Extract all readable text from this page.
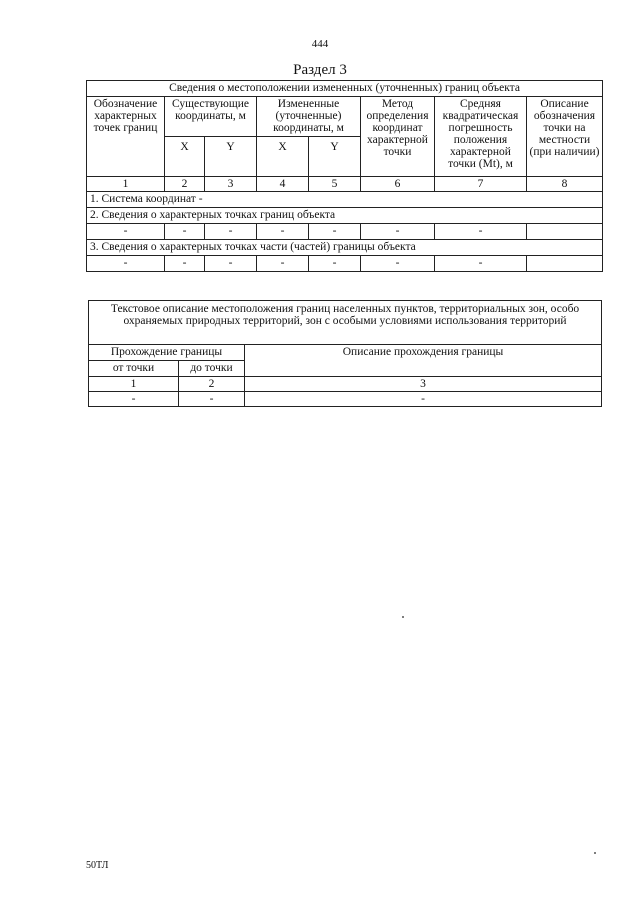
444
Раздел 3
Сведения о местоположении измененных (уточненных) границ объекта							
Обозначение характерных точек границ	Существующие координаты, м		Измененные (уточненные) координаты, м		Метод определения координат характерной точки	Средняя квадратическая погрешность положения характерной точки (Mt), м	Описание обозначения точки на местности (при наличии)
	X	Y	X	Y			
1	2	3	4	5	6	7	8
1. Система координат -							
2. Сведения о характерных точках границ объекта							
-	-	-	-	-	-	-	
3. Сведения о характерных точках части (частей) границы объекта							
-	-	-	-	-	-	-	
Текстовое описание местоположения границ населенных пунктов, территориальных зон, особо охраняемых природных территорий, зон с особыми условиями использования территорий		
Прохождение границы		Описание прохождения границы
от точки	до точки	
1	2	3
-	-	-
50ТЛ
